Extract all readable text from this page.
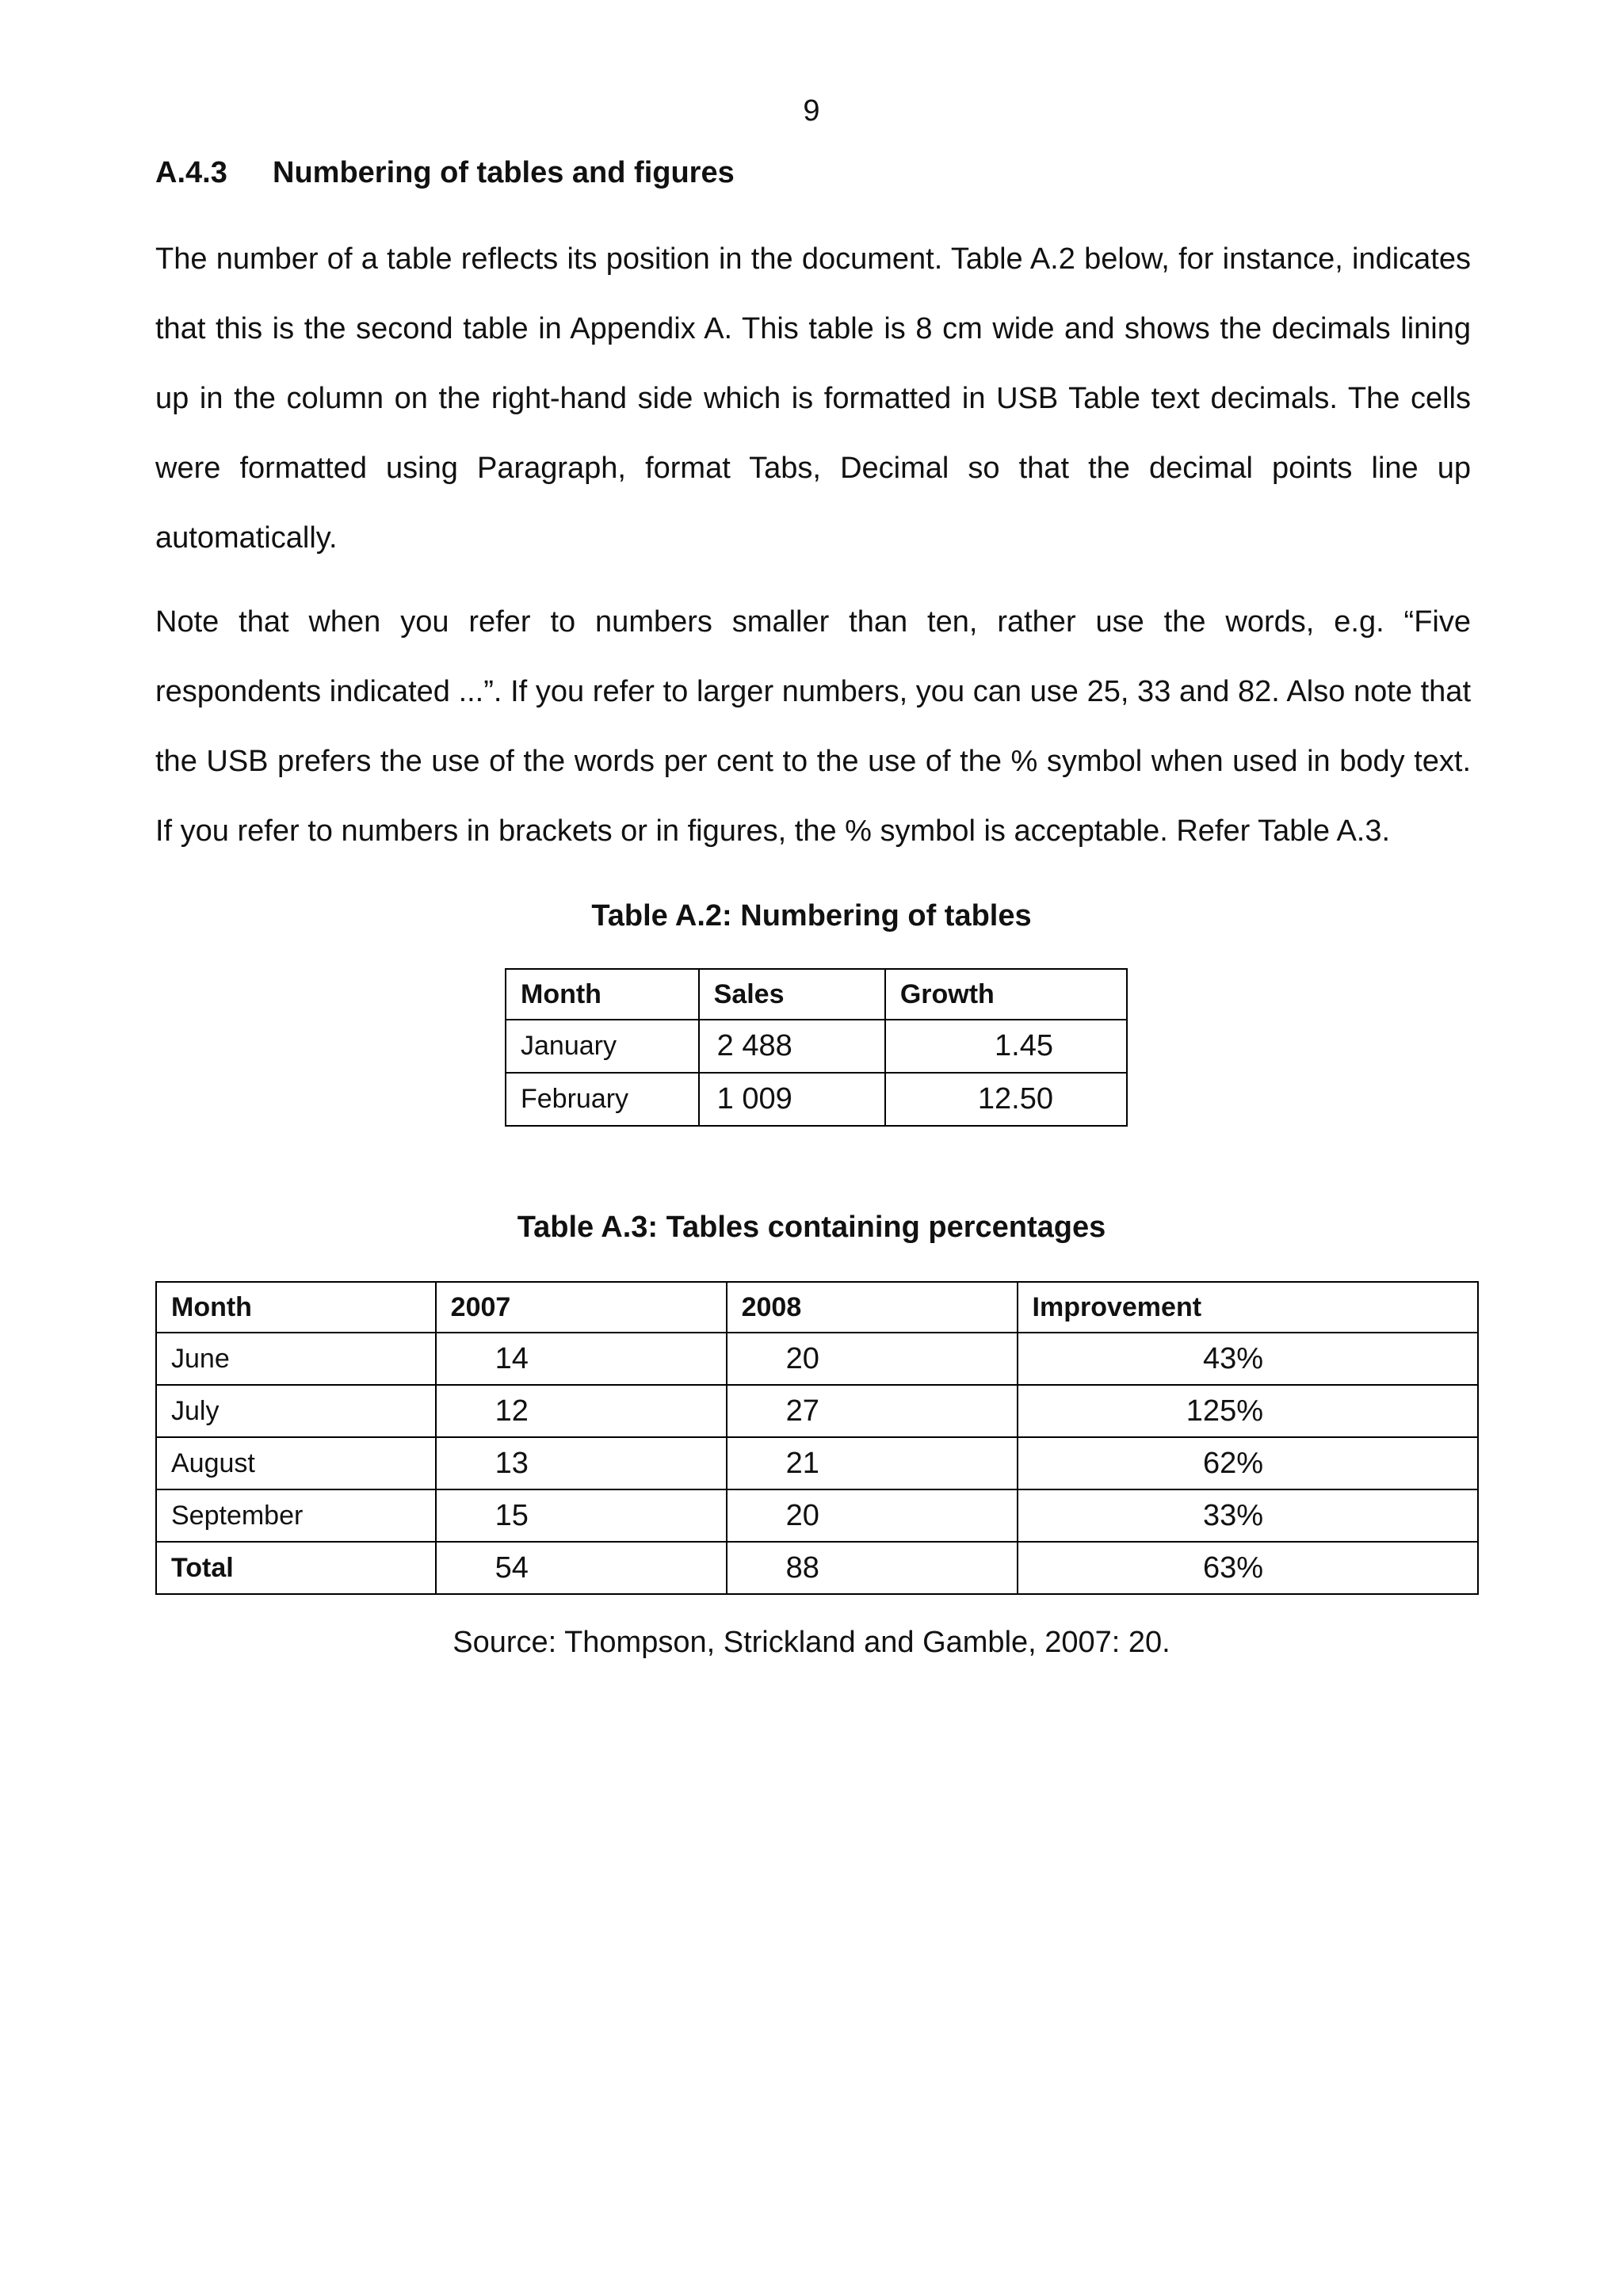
9
A.4.3 Numbering of tables and figures

The number of a table reflects its position in the document. Table A.2 below, for instance, indicates that this is the second table in Appendix A. This table is 8 cm wide and shows the decimals lining up in the column on the right-hand side which is formatted in USB Table text decimals. The cells were formatted using Paragraph, format Tabs, Decimal so that the decimal points line up automatically.

Note that when you refer to numbers smaller than ten, rather use the words, e.g. “Five respondents indicated ...”. If you refer to larger numbers, you can use 25, 33 and 82. Also note that the USB prefers the use of the words per cent to the use of the % symbol when used in body text. If you refer to numbers in brackets or in figures, the % symbol is acceptable. Refer Table A.3.

Table A.2: Numbering of tables
Month	Sales	Growth
January	2 488	1.45
February	1 009	12.50
Table A.3: Tables containing percentages
Month	2007	2008	Improvement
June	14	20	43%
July	12	27	125%
August	13	21	62%
September	15	20	33%
Total	54	88	63%
Source: Thompson, Strickland and Gamble, 2007: 20.
